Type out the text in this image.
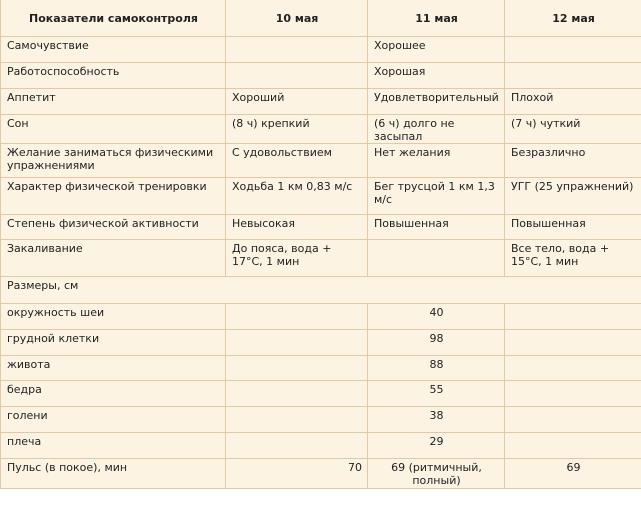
Показатели самоконтроля	10 мая	11 мая	12 мая
Самочувствие		Хорошее	
Работоспособность		Хорошая	
Аппетит	Хороший	Удовлетворительный	Плохой
Сон	(8 ч) крепкий	(6 ч) долго не засыпал	(7 ч) чуткий
Желание заниматься физическими упражнениями	С удовольствием	Нет желания	Безразлично
Характер физической тренировки	Ходьба 1 км 0,83 м/с	Бег трусцой 1 км 1,3 м/с	УГГ (25 упражнений)
Степень физической активности	Невысокая	Повышенная	Повышенная
Закаливание	До пояса, вода + 17°С, 1 мин		Все тело, вода + 15°С, 1 мин
Размеры, см			
окружность шеи		40	
грудной клетки		98	
живота		88	
бедра		55	
голени		38	
плеча		29	
Пульс (в покое), мин	70	69 (ритмичный, полный)	69
